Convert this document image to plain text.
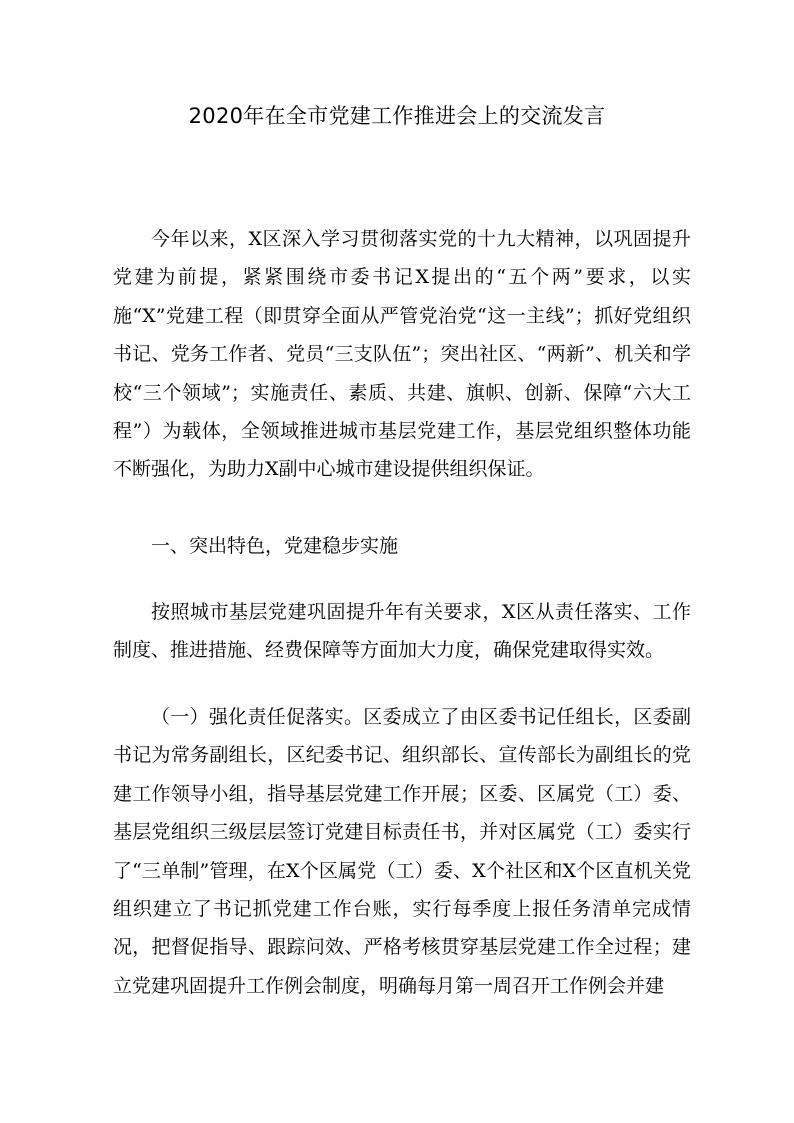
2020年在全市党建工作推进会上的交流发言

今年以来，X区深入学习贯彻落实党的十九大精神，以巩固提升党建为前提，紧紧围绕市委书记X提出的“五个两”要求，以实施“X”党建工程（即贯穿全面从严管党治党“这一主线”；抓好党组织书记、党务工作者、党员“三支队伍”；突出社区、“两新”、机关和学校“三个领域”；实施责任、素质、共建、旗帜、创新、保障“六大工程”）为载体，全领域推进城市基层党建工作，基层党组织整体功能不断强化，为助力X副中心城市建设提供组织保证。

一、突出特色，党建稳步实施

按照城市基层党建巩固提升年有关要求，X区从责任落实、工作制度、推进措施、经费保障等方面加大力度，确保党建取得实效。

（一）强化责任促落实。区委成立了由区委书记任组长，区委副书记为常务副组长，区纪委书记、组织部长、宣传部长为副组长的党建工作领导小组，指导基层党建工作开展；区委、区属党（工）委、基层党组织三级层层签订党建目标责任书，并对区属党（工）委实行了“三单制”管理，在X个区属党（工）委、X个社区和X个区直机关党组织建立了书记抓党建工作台账，实行每季度上报任务清单完成情况，把督促指导、跟踪问效、严格考核贯穿基层党建工作全过程；建立党建巩固提升工作例会制度，明确每月第一周召开工作例会并建
